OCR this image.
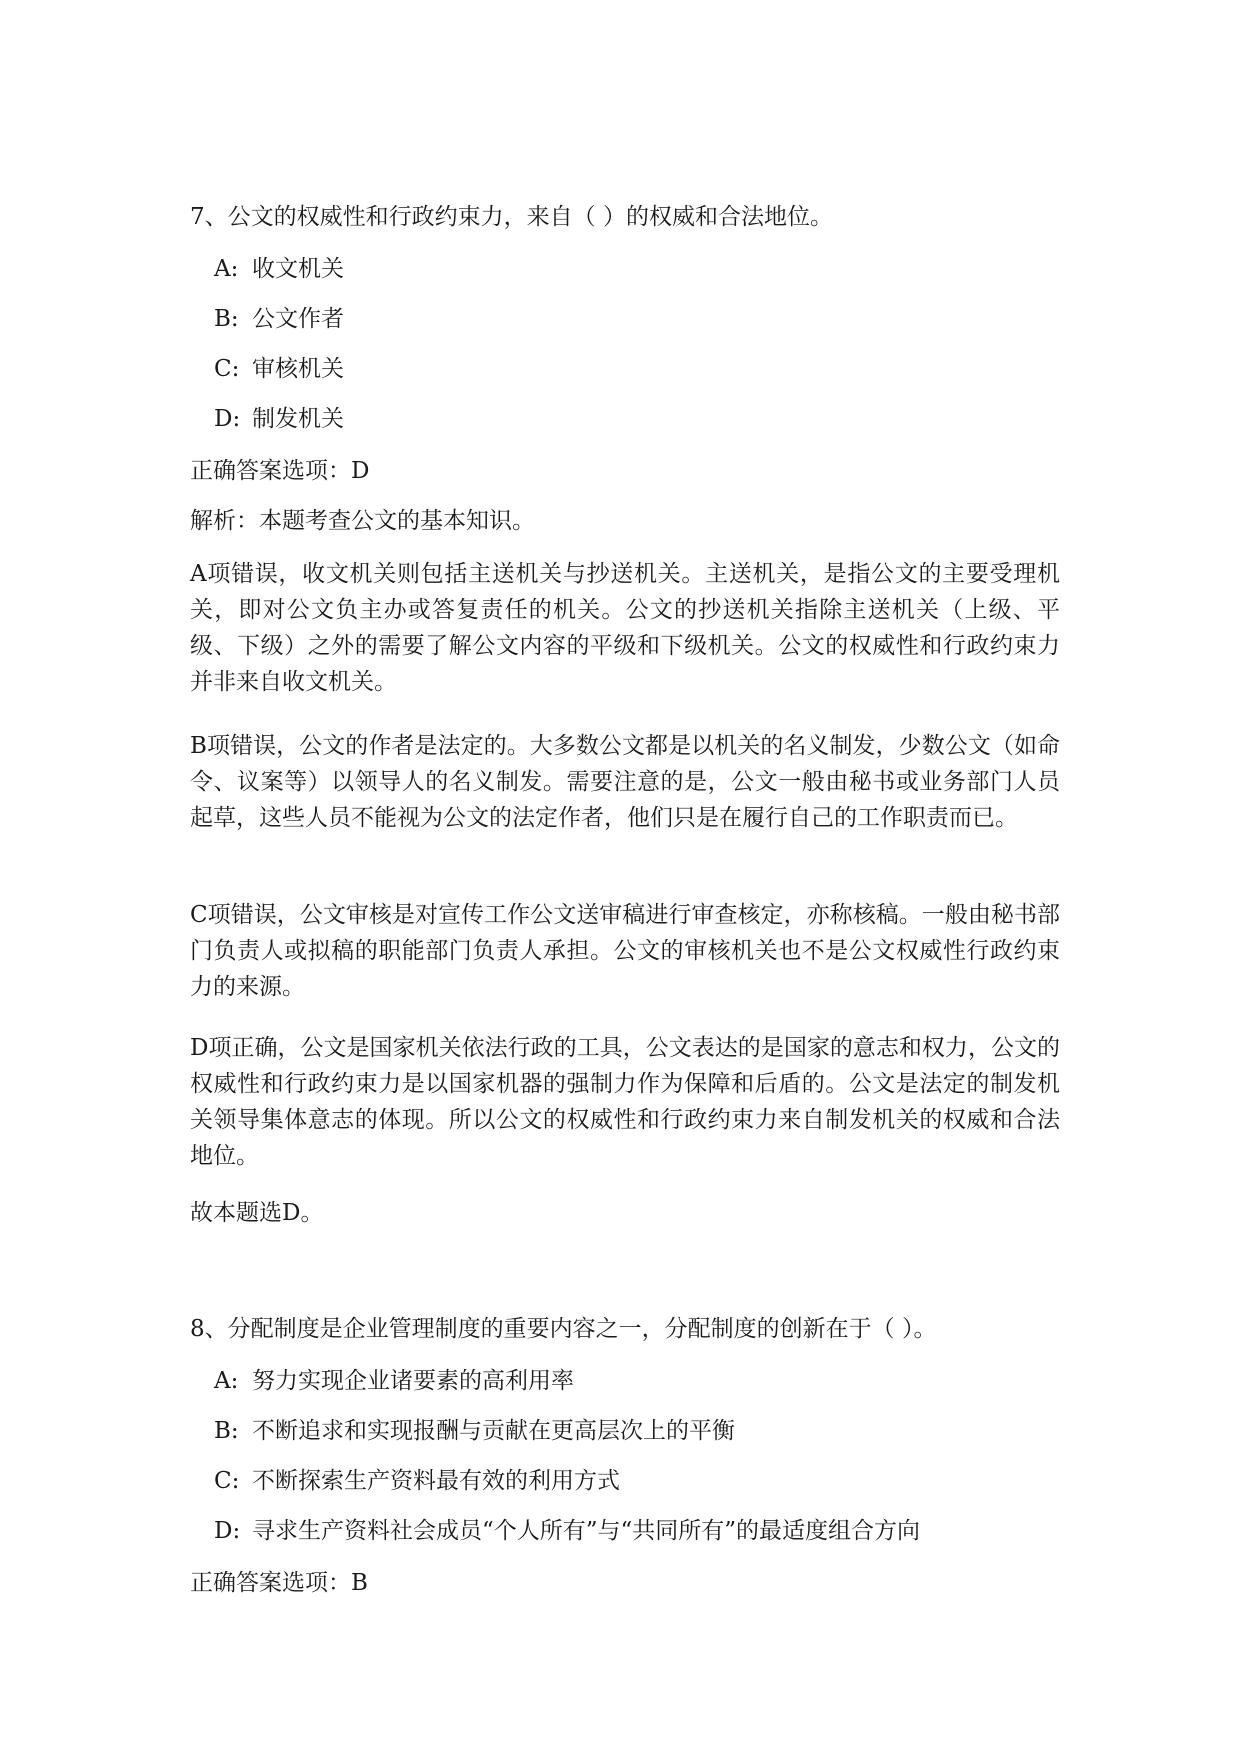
7、公文的权威性和行政约束力，来自（ ）的权威和合法地位。
A: 收文机关
B: 公文作者
C: 审核机关
D: 制发机关
正确答案选项：D
解析：本题考查公文的基本知识。
A项错误，收文机关则包括主送机关与抄送机关。主送机关，是指公文的主要受理机关，即对公文负主办或答复责任的机关。公文的抄送机关指除主送机关（上级、平级、下级）之外的需要了解公文内容的平级和下级机关。公文的权威性和行政约束力并非来自收文机关。
B项错误，公文的作者是法定的。大多数公文都是以机关的名义制发，少数公文（如命令、议案等）以领导人的名义制发。需要注意的是，公文一般由秘书或业务部门人员起草，这些人员不能视为公文的法定作者，他们只是在履行自己的工作职责而已。
C项错误，公文审核是对宣传工作公文送审稿进行审查核定，亦称核稿。一般由秘书部门负责人或拟稿的职能部门负责人承担。公文的审核机关也不是公文权威性行政约束力的来源。
D项正确，公文是国家机关依法行政的工具，公文表达的是国家的意志和权力，公文的权威性和行政约束力是以国家机器的强制力作为保障和后盾的。公文是法定的制发机关领导集体意志的体现。所以公文的权威性和行政约束力来自制发机关的权威和合法地位。
故本题选D。
8、分配制度是企业管理制度的重要内容之一，分配制度的创新在于（ ）。
A: 努力实现企业诸要素的高利用率
B: 不断追求和实现报酬与贡献在更高层次上的平衡
C: 不断探索生产资料最有效的利用方式
D: 寻求生产资料社会成员“个人所有”与“共同所有”的最适度组合方向
正确答案选项：B
